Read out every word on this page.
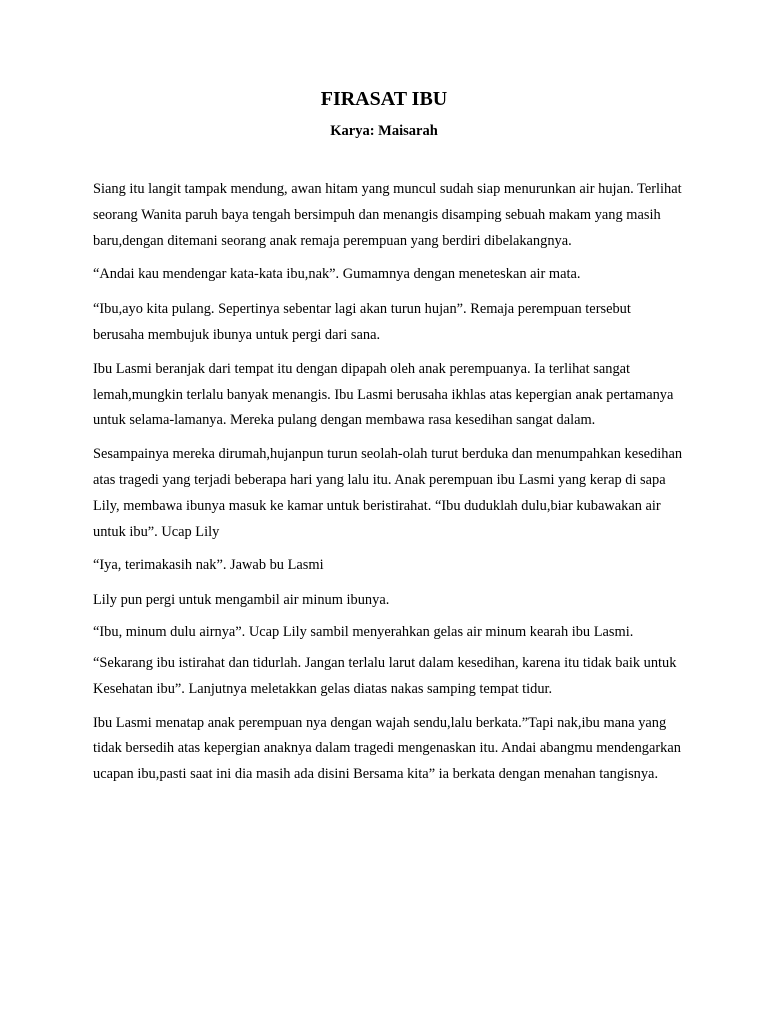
FIRASAT IBU
Karya: Maisarah

Siang itu langit tampak mendung, awan hitam yang muncul sudah siap menurunkan air hujan. Terlihat seorang Wanita paruh baya tengah bersimpuh dan menangis disamping sebuah makam yang masih baru,dengan ditemani seorang anak remaja perempuan yang berdiri dibelakangnya.

“Andai kau mendengar kata-kata ibu,nak”. Gumamnya dengan meneteskan air mata.

“Ibu,ayo kita pulang. Sepertinya sebentar lagi akan turun hujan”. Remaja perempuan tersebut berusaha membujuk ibunya untuk pergi dari sana.

Ibu Lasmi beranjak dari tempat itu dengan dipapah oleh anak perempuanya. Ia terlihat sangat lemah,mungkin terlalu banyak menangis. Ibu Lasmi berusaha ikhlas atas kepergian anak pertamanya untuk selama-lamanya. Mereka pulang dengan membawa rasa kesedihan sangat dalam.

Sesampainya mereka dirumah,hujanpun turun seolah-olah turut berduka dan menumpahkan kesedihan atas tragedi yang terjadi beberapa hari yang lalu itu. Anak perempuan ibu Lasmi yang kerap di sapa Lily, membawa ibunya masuk ke kamar untuk beristirahat. “Ibu duduklah dulu,biar kubawakan air untuk ibu”. Ucap Lily

“Iya, terimakasih nak”. Jawab bu Lasmi

Lily pun pergi untuk mengambil air minum ibunya.

“Ibu, minum dulu airnya”. Ucap Lily sambil menyerahkan gelas air minum kearah ibu Lasmi.

“Sekarang ibu istirahat dan tidurlah. Jangan terlalu larut dalam kesedihan, karena itu tidak baik untuk Kesehatan ibu”. Lanjutnya meletakkan gelas diatas nakas samping tempat tidur.

Ibu Lasmi menatap anak perempuan nya dengan wajah sendu,lalu berkata.”Tapi nak,ibu mana yang tidak bersedih atas kepergian anaknya dalam tragedi mengenaskan itu. Andai abangmu mendengarkan ucapan ibu,pasti saat ini dia masih ada disini Bersama kita” ia berkata dengan menahan tangisnya.
